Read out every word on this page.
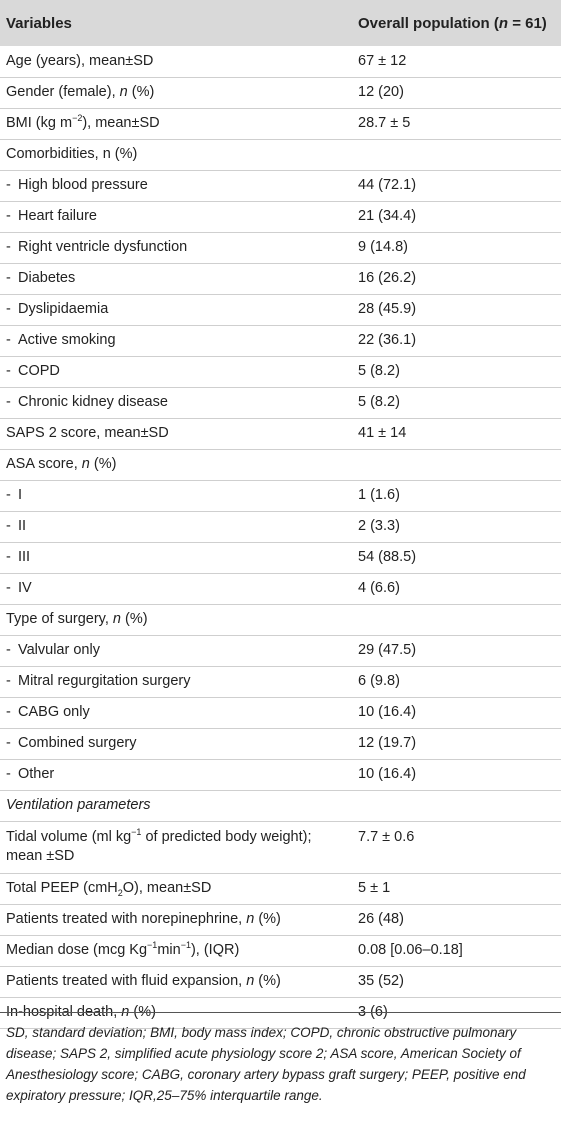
Variables	Overall population (n = 61)
Age (years), mean±SD	67 ± 12
Gender (female), n (%)	12 (20)
BMI (kg $m^{-2}$), mean±SD	28.7 ± 5
Comorbidities, n (%)	
- High blood pressure	44 (72.1)
- Heart failure	21 (34.4)
- Right ventricle dysfunction	9 (14.8)
- Diabetes	16 (26.2)
- Dyslipidaemia	28 (45.9)
- Active smoking	22 (36.1)
- COPD	5 (8.2)
- Chronic kidney disease	5 (8.2)
SAPS 2 score, mean±SD	41 ± 14
ASA score, n (%)	
- I	1 (1.6)
- II	2 (3.3)
- III	54 (88.5)
- IV	4 (6.6)
Type of surgery, n (%)	
- Valvular only	29 (47.5)
- Mitral regurgitation surgery	6 (9.8)
- CABG only	10 (16.4)
- Combined surgery	12 (19.7)
- Other	10 (16.4)
Ventilation parameters	
Tidal volume (ml $kg^{-1}$ of predicted body weight);
mean ±SD	7.7 ± 0.6
Total PEEP (cmH$_2$O), mean±SD	5 ± 1
Patients treated with norepinephrine, n (%)	26 (48)
Median dose (mcg $Kg^{-1}\min^{-1}$), (IQR)	0.08 [0.06–0.18]
Patients treated with fluid expansion, n (%)	35 (52)
In-hospital death, n (%)	3 (6)
SD, standard deviation; BMI, body mass index; COPD, chronic obstructive pulmonary disease; SAPS 2, simplified acute physiology score 2; ASA score, American Society of Anesthesiology score; CABG, coronary artery bypass graft surgery; PEEP, positive end expiratory pressure; IQR,25–75% interquartile range.
